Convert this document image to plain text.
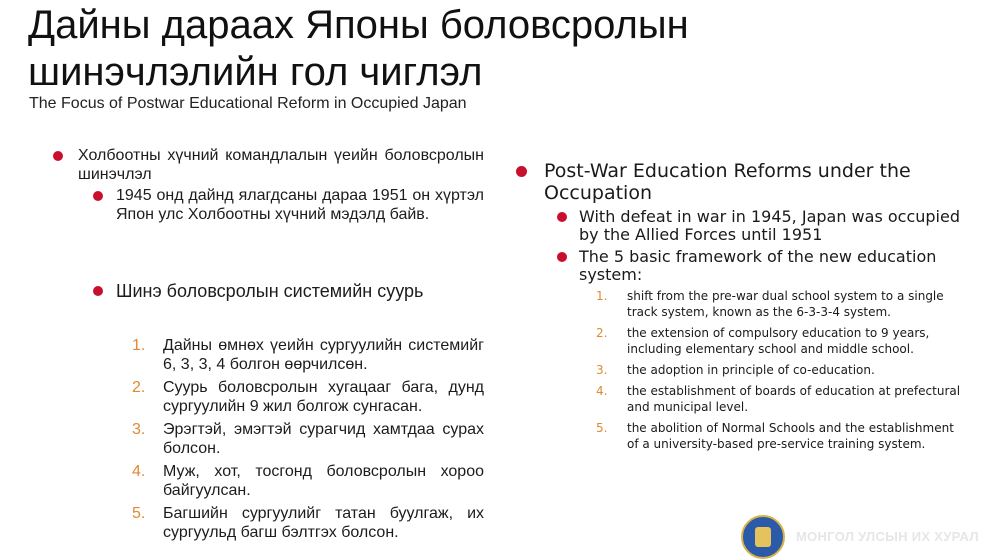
Дайны дараах Японы боловсролын
шинэчлэлийн гол чиглэл
The Focus of Postwar Educational Reform in Occupied Japan
Холбоотны хүчний командлалын үеийн боловсролын шинэчлэл
1945 онд дайнд ялагдсаны дараа 1951 он хүртэл Япон улс Холбоотны хүчний мэдэлд байв.
Шинэ боловсролын системийн суурь
1. Дайны өмнөх үеийн сургуулийн системийг 6, 3, 3, 4 болгон өөрчилсөн.
2. Суурь боловсролын хугацааг бага, дунд сургуулийн 9 жил болгож сунгасан.
3. Эрэгтэй, эмэгтэй сурагчид хамтдаа сурах болсон.
4. Муж, хот, тосгонд боловсролын хороо байгуулсан.
5. Багшийн сургуулийг татан буулгаж, их сургуульд багш бэлтгэх болсон.
Post-War Education Reforms under the Occupation
With defeat in war in 1945, Japan was occupied by the Allied Forces until 1951
The 5 basic framework of the new education system:
1. shift from the pre-war dual school system to a single track system, known as the 6-3-3-4 system.
2. the extension of compulsory education to 9 years, including elementary school and middle school.
3. the adoption in principle of co-education.
4. the establishment of boards of education at prefectural and municipal level.
5. the abolition of Normal Schools and the establishment of a university-based pre-service training system.
МОНГОЛ УЛСЫН ИХ ХУРАЛ
